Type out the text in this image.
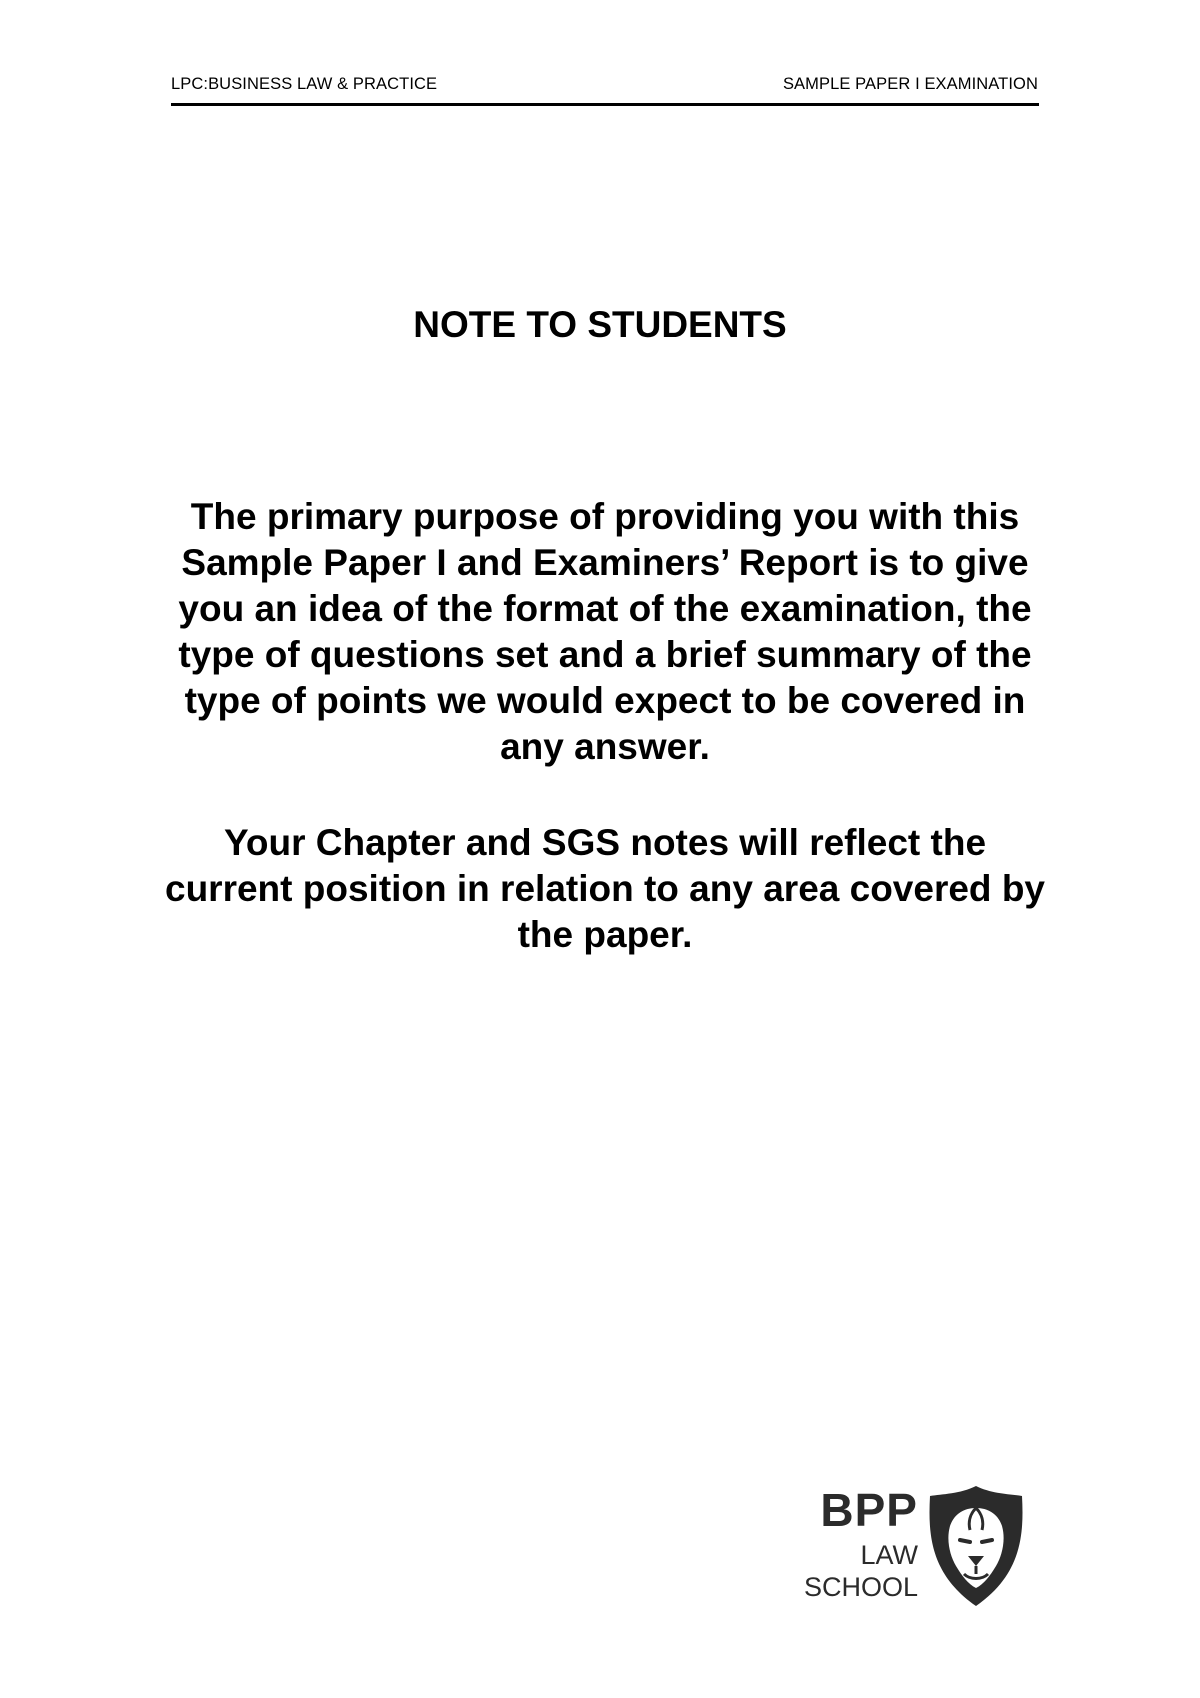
LPC:BUSINESS LAW & PRACTICE	SAMPLE PAPER I EXAMINATION
NOTE TO STUDENTS

The primary purpose of providing you with this Sample Paper I and Examiners’ Report is to give you an idea of the format of the examination, the type of questions set and a brief summary of the type of points we would expect to be covered in any answer.

Your Chapter and SGS notes will reflect the current position in relation to any area covered by the paper.

BPP
LAW
SCHOOL
